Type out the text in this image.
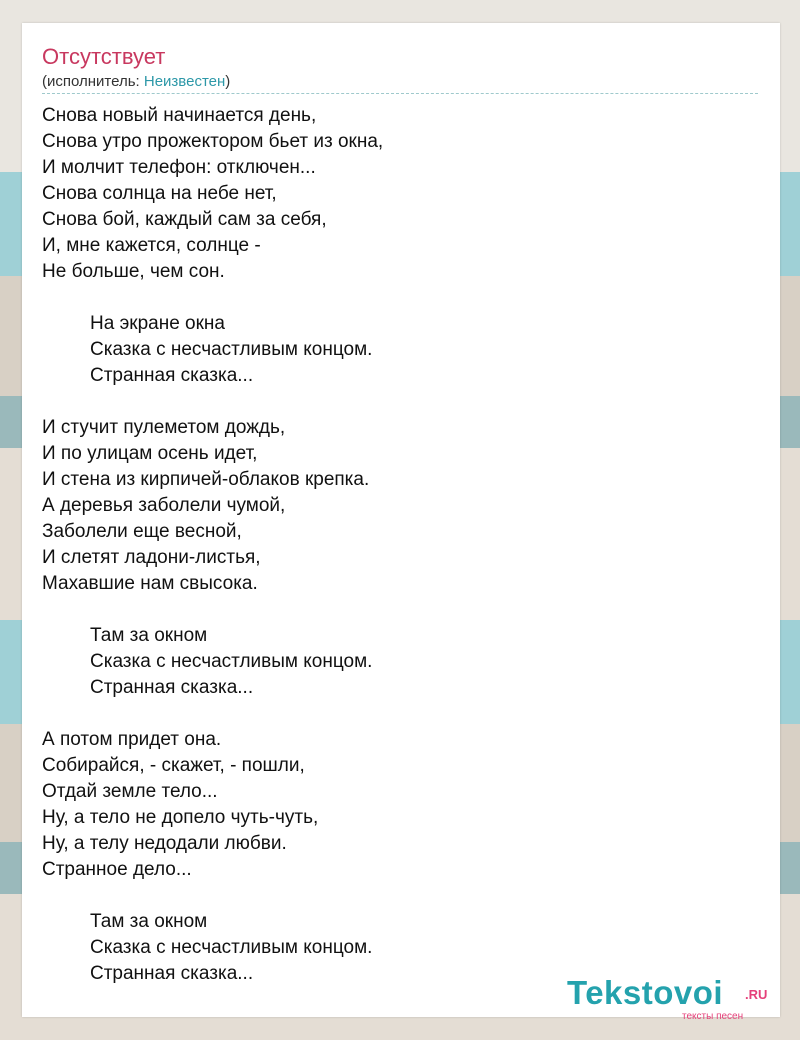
Отсутствует
(исполнитель: Неизвестен)
Снова новый начинается день,
Снова утро прожектором бьет из окна,
И молчит телефон: отключен...
Снова солнца на небе нет,
Снова бой, каждый сам за себя,
И, мне кажется, солнце -
Не больше, чем сон.
На экране окна
Сказка с несчастливым концом.
Странная сказка...
И стучит пулеметом дождь,
И по улицам осень идет,
И стена из кирпичей-облаков крепка.
А деревья заболели чумой,
Заболели еще весной,
И слетят ладони-листья,
Махавшие нам свысока.
Там за окном
Сказка с несчастливым концом.
Странная сказка...
А потом придет она.
Собирайся, - скажет, - пошли,
Отдай земле тело...
Ну, а тело не допело чуть-чуть,
Ну, а телу недодали любви.
Странное дело...
Там за окном
Сказка с несчастливым концом.
Странная сказка...
Tekstovoi .RU
тексты песен
